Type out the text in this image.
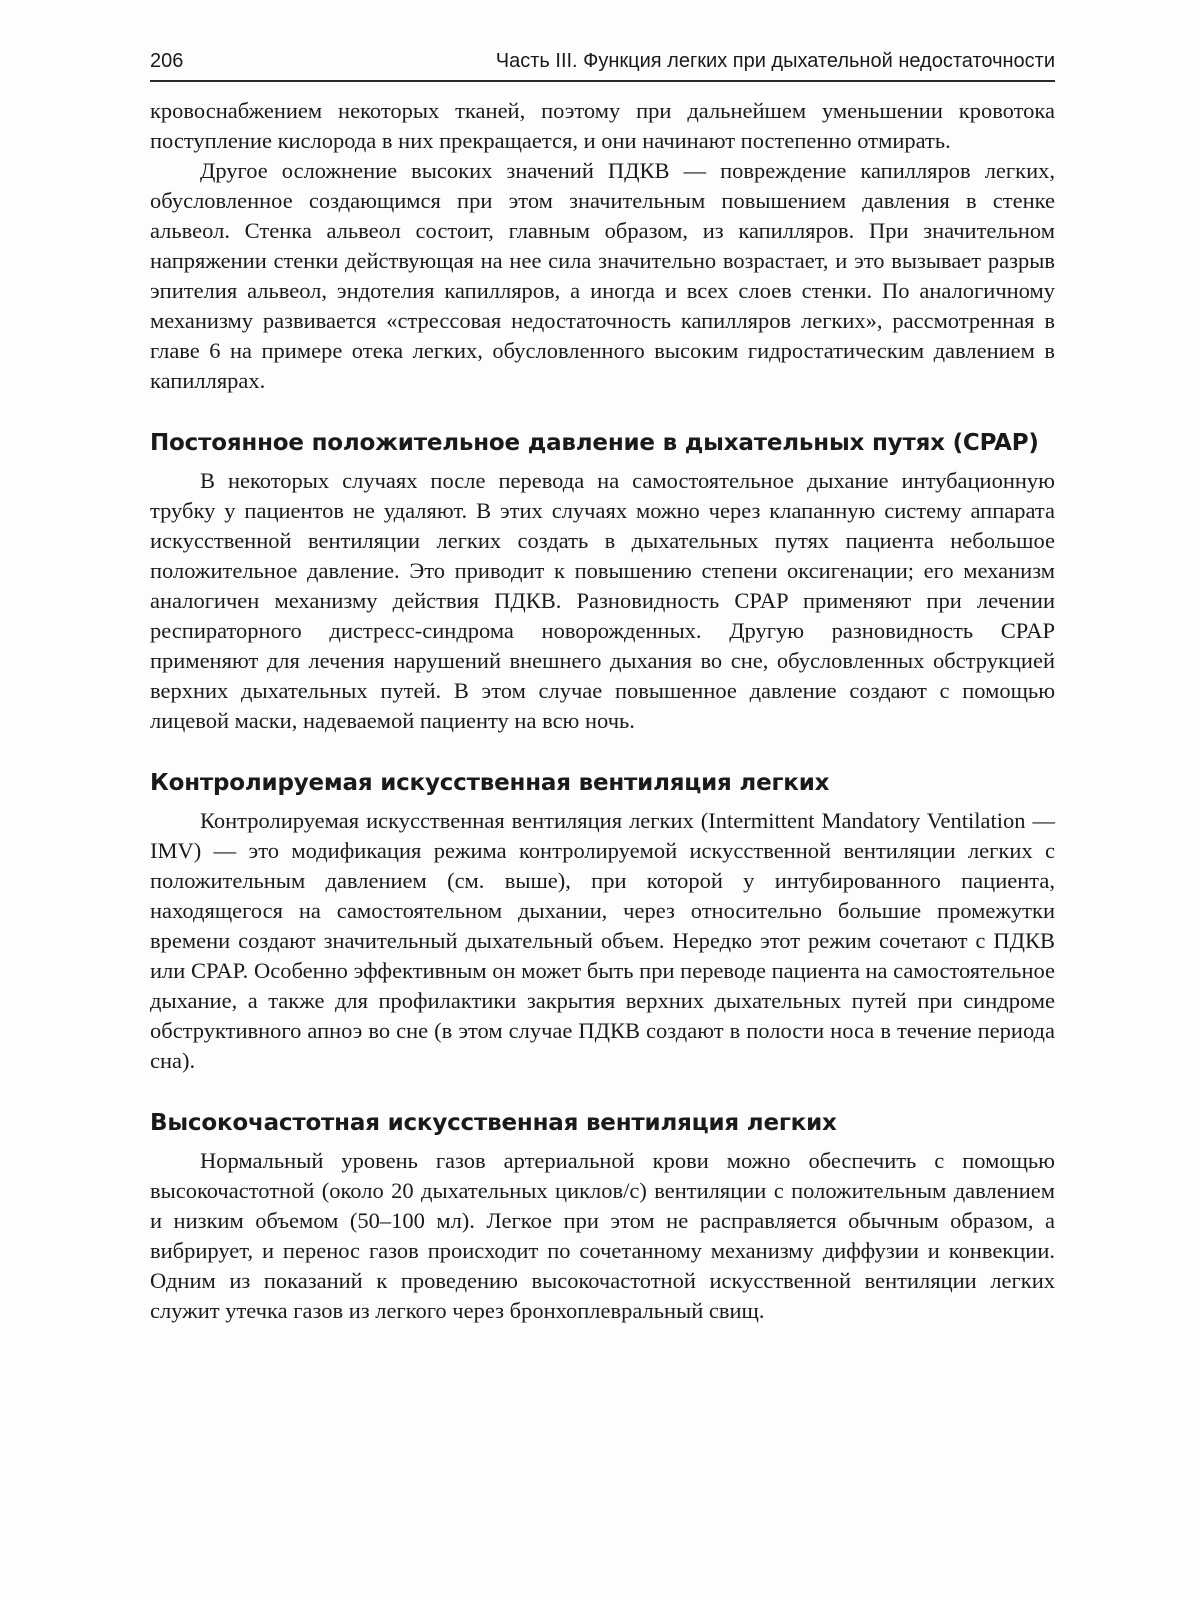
206	Часть III. Функция легких при дыхательной недостаточности

кровоснабжением некоторых тканей, поэтому при дальнейшем уменьшении кровотока поступление кислорода в них прекращается, и они начинают постепенно отмирать.

Другое осложнение высоких значений ПДКВ — повреждение капилляров легких, обусловленное создающимся при этом значительным повышением давления в стенке альвеол. Стенка альвеол состоит, главным образом, из капилляров. При значительном напряжении стенки действующая на нее сила значительно возрастает, и это вызывает разрыв эпителия альвеол, эндотелия капилляров, а иногда и всех слоев стенки. По аналогичному механизму развивается «стрессовая недостаточность капилляров легких», рассмотренная в главе 6 на примере отека легких, обусловленного высоким гидростатическим давлением в капиллярах.

Постоянное положительное давление в дыхательных путях (CPAP)

В некоторых случаях после перевода на самостоятельное дыхание интубационную трубку у пациентов не удаляют. В этих случаях можно через клапанную систему аппарата искусственной вентиляции легких создать в дыхательных путях пациента небольшое положительное давление. Это приводит к повышению степени оксигенации; его механизм аналогичен механизму действия ПДКВ. Разновидность CPAP применяют при лечении респираторного дистресс-синдрома новорожденных. Другую разновидность CPAP применяют для лечения нарушений внешнего дыхания во сне, обусловленных обструкцией верхних дыхательных путей. В этом случае повышенное давление создают с помощью лицевой маски, надеваемой пациенту на всю ночь.

Контролируемая искусственная вентиляция легких

Контролируемая искусственная вентиляция легких (Intermittent Mandatory Ventilation — IMV) — это модификация режима контролируемой искусственной вентиляции легких с положительным давлением (см. выше), при которой у интубированного пациента, находящегося на самостоятельном дыхании, через относительно большие промежутки времени создают значительный дыхательный объем. Нередко этот режим сочетают с ПДКВ или CPAP. Особенно эффективным он может быть при переводе пациента на самостоятельное дыхание, а также для профилактики закрытия верхних дыхательных путей при синдроме обструктивного апноэ во сне (в этом случае ПДКВ создают в полости носа в течение периода сна).

Высокочастотная искусственная вентиляция легких

Нормальный уровень газов артериальной крови можно обеспечить с помощью высокочастотной (около 20 дыхательных циклов/с) вентиляции с положительным давлением и низким объемом (50–100 мл). Легкое при этом не расправляется обычным образом, а вибрирует, и перенос газов происходит по сочетанному механизму диффузии и конвекции. Одним из показаний к проведению высокочастотной искусственной вентиляции легких служит утечка газов из легкого через бронхоплевральный свищ.
